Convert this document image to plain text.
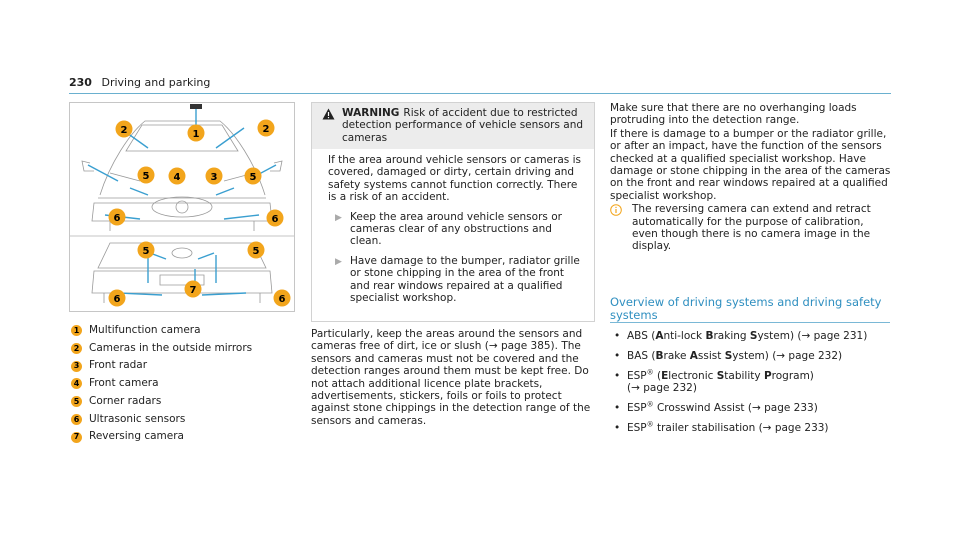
230 Driving and parking
2	1	2
5 4	3	5
6	6
5	5
7
6	6
1 Multifunction camera
2 Cameras in the outside mirrors
3 Front radar
4 Front camera
5 Corner radars
6 Ultrasonic sensors
7 Reversing camera
WARNING Risk of accident due to restricted detection performance of vehicle sensors and cameras

If the area around vehicle sensors or cameras is covered, damaged or dirty, certain driving and safety systems cannot function correctly. There is a risk of an accident.

▶ Keep the area around vehicle sensors or cameras clear of any obstructions and clean.
▶ Have damage to the bumper, radiator grille or stone chipping in the area of the front and rear windows repaired at a qualified specialist workshop.

Particularly, keep the areas around the sensors and cameras free of dirt, ice or slush (→ page 385). The sensors and cameras must not be covered and the detection ranges around them must be kept free. Do not attach additional licence plate brackets, advertisements, stickers, foils or foils to protect against stone chippings in the detection range of the sensors and cameras.

Make sure that there are no overhanging loads protruding into the detection range.

If there is damage to a bumper or the radiator grille, or after an impact, have the function of the sensors checked at a qualified specialist workshop. Have damage or stone chipping in the area of the cameras on the front and rear windows repaired at a qualified specialist workshop.

The reversing camera can extend and retract automatically for the purpose of calibration, even though there is no camera image in the display.
Overview of driving systems and driving safety systems
• ABS (Anti-lock Braking System) (→ page 231)
• BAS (Brake Assist System) (→ page 232)
• ESP® (Electronic Stability Program)
(→ page 232)
• ESP® Crosswind Assist (→ page 233)
• ESP® trailer stabilisation (→ page 233)
